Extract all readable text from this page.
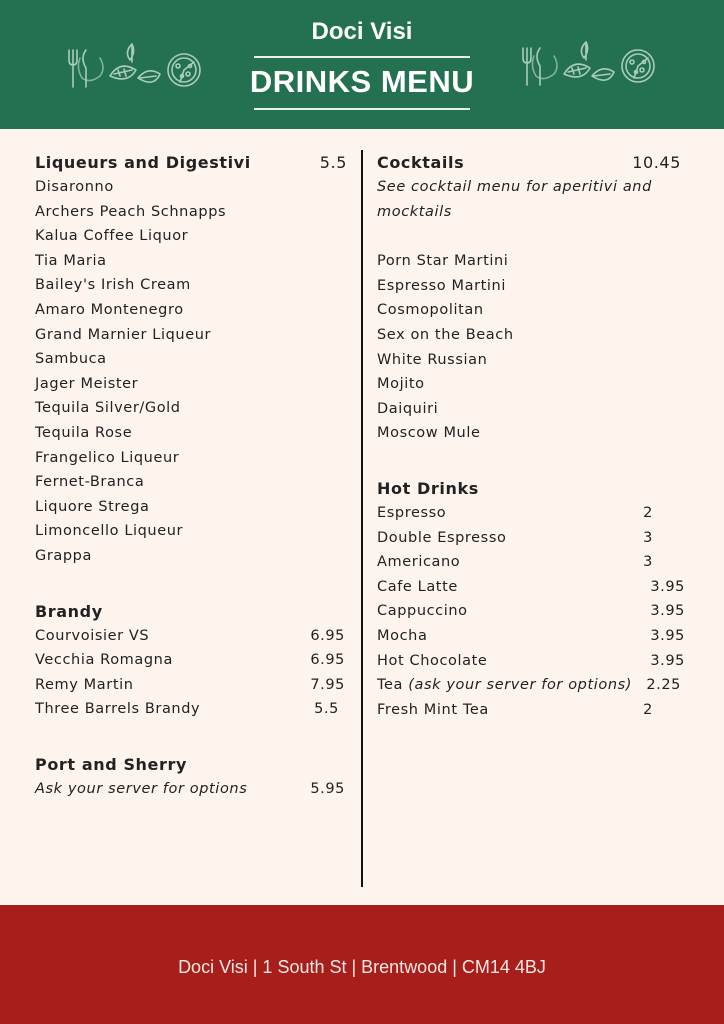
Doci Visi
DRINKS MENU
Liqueurs and Digestivi	5.5
Disaronno
Archers Peach Schnapps
Kalua Coffee Liquor
Tia Maria
Bailey's Irish Cream
Amaro Montenegro
Grand Marnier Liqueur
Sambuca
Jager Meister
Tequila Silver/Gold
Tequila Rose
Frangelico Liqueur
Fernet-Branca
Liquore Strega
Limoncello Liqueur
Grappa
Brandy
Courvoisier VS	6.95
Vecchia Romagna	6.95
Remy Martin	7.95
Three Barrels Brandy	5.5
Port and Sherry
Ask your server for options	5.95
Cocktails	10.45
See cocktail menu for aperitivi and mocktails
Porn Star Martini
Espresso Martini
Cosmopolitan
Sex on the Beach
White Russian
Mojito
Daiquiri
Moscow Mule
Hot Drinks
Espresso	2
Double Espresso	3
Americano	3
Cafe Latte	3.95
Cappuccino	3.95
Mocha	3.95
Hot Chocolate	3.95
Tea (ask your server for options) 2.25
Fresh Mint Tea	2
Doci Visi | 1 South St | Brentwood | CM14 4BJ
